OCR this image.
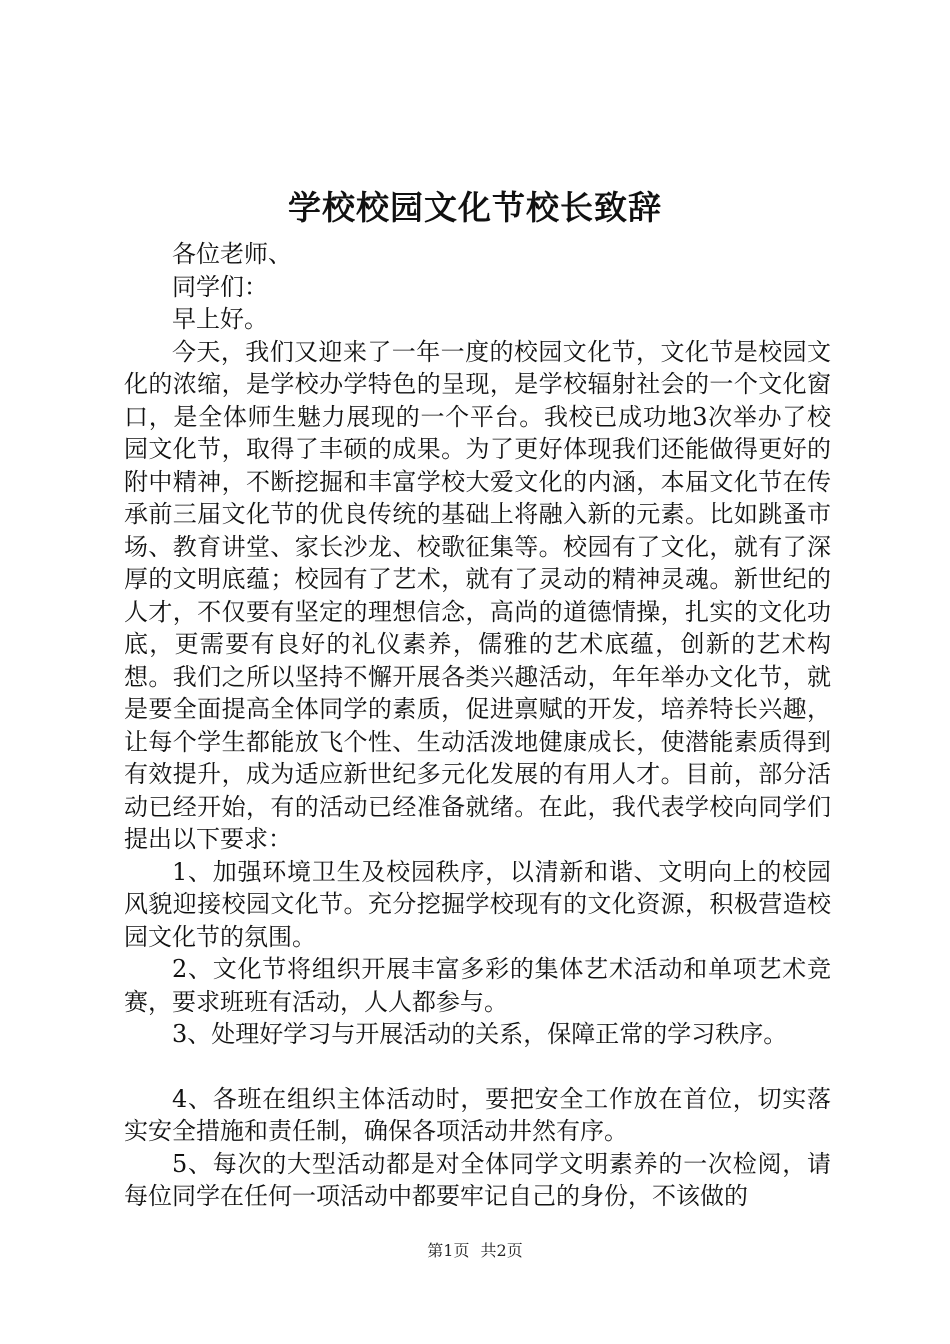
学校校园文化节校长致辞

各位老师、

同学们：

早上好。

今天，我们又迎来了一年一度的校园文化节，文化节是校园文化的浓缩，是学校办学特色的呈现，是学校辐射社会的一个文化窗口，是全体师生魅力展现的一个平台。我校已成功地3次举办了校园文化节，取得了丰硕的成果。为了更好体现我们还能做得更好的附中精神，不断挖掘和丰富学校大爱文化的内涵，本届文化节在传承前三届文化节的优良传统的基础上将融入新的元素。比如跳蚤市场、教育讲堂、家长沙龙、校歌征集等。校园有了文化，就有了深厚的文明底蕴；校园有了艺术，就有了灵动的精神灵魂。新世纪的人才，不仅要有坚定的理想信念，高尚的道德情操，扎实的文化功底，更需要有良好的礼仪素养，儒雅的艺术底蕴，创新的艺术构想。我们之所以坚持不懈开展各类兴趣活动，年年举办文化节，就是要全面提高全体同学的素质，促进禀赋的开发，培养特长兴趣，让每个学生都能放飞个性、生动活泼地健康成长，使潜能素质得到有效提升，成为适应新世纪多元化发展的有用人才。目前，部分活动已经开始，有的活动已经准备就绪。在此，我代表学校向同学们提出以下要求：

1、加强环境卫生及校园秩序，以清新和谐、文明向上的校园风貌迎接校园文化节。充分挖掘学校现有的文化资源，积极营造校园文化节的氛围。

2、文化节将组织开展丰富多彩的集体艺术活动和单项艺术竞赛，要求班班有活动，人人都参与。

3、处理好学习与开展活动的关系，保障正常的学习秩序。

4、各班在组织主体活动时，要把安全工作放在首位，切实落实安全措施和责任制，确保各项活动井然有序。

5、每次的大型活动都是对全体同学文明素养的一次检阅，请每位同学在任何一项活动中都要牢记自己的身份，不该做的

第1页 共2页
